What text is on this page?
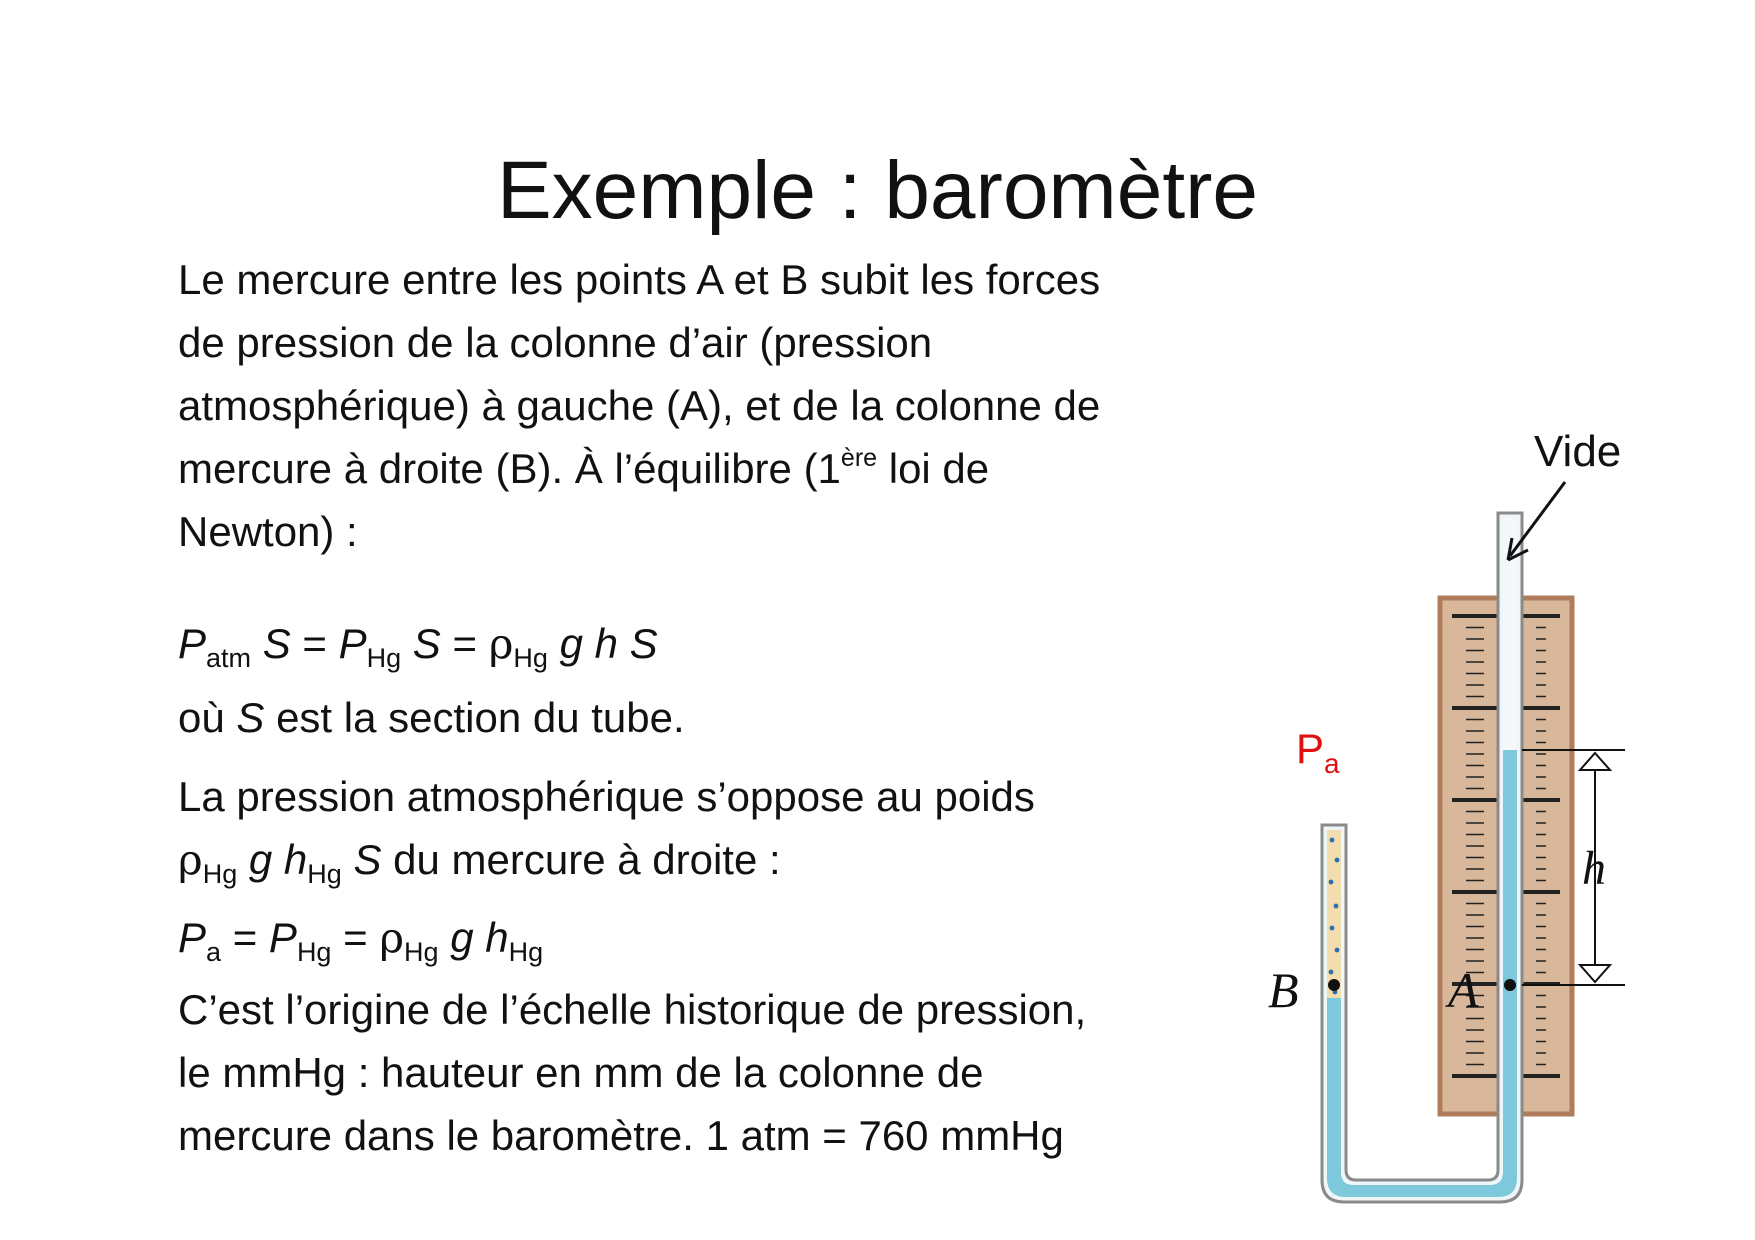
Exemple : baromètre

Le mercure entre les points A et B subit les forces
de pression de la colonne d’air (pression
atmosphérique) à gauche (A), et de la colonne de
mercure à droite (B). À l’équilibre (1ère loi de
Newton) :

$P_{atm}$ $S = P_{Hg}$ $S = \rho_{Hg}$ g h S

où S est la section du tube.

La pression atmosphérique s’oppose au poids
$\rho_{Hg}$ g $h_{Hg}$ S du mercure à droite :

$P_a = P_{Hg} = \rho_{Hg}$ g $h_{Hg}$

C’est l’origine de l’échelle historique de pression,
le mmHg : hauteur en mm de la colonne de
mercure dans le baromètre. 1 atm = 760 mmHg

Vide
$P_a$
h
B	A
